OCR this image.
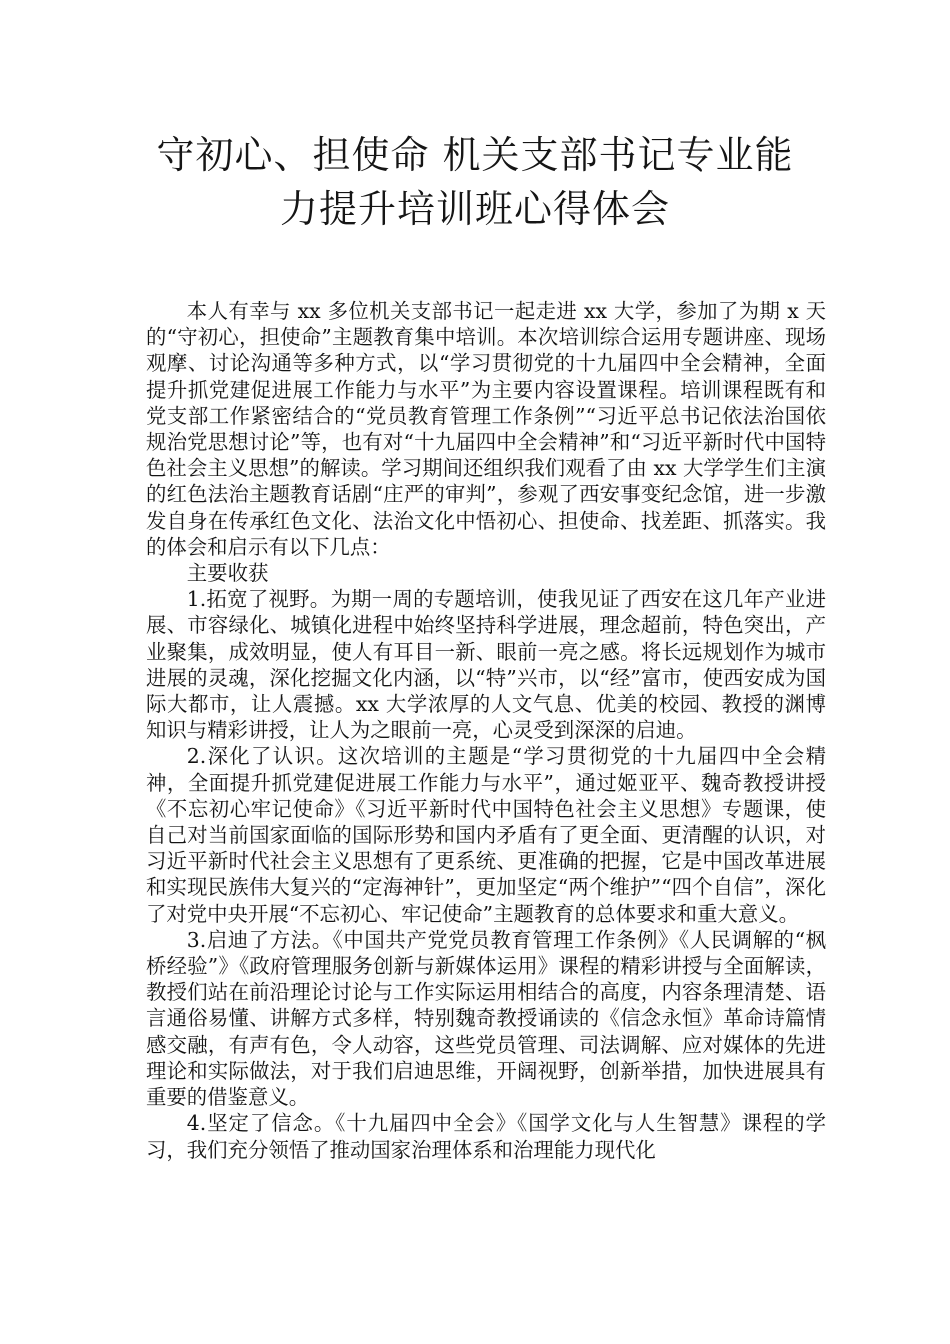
守初心、担使命 机关支部书记专业能
力提升培训班心得体会

本人有幸与 xx 多位机关支部书记一起走进 xx 大学，参加了为期 x 天的“守初心，担使命”主题教育集中培训。本次培训综合运用专题讲座、现场观摩、讨论沟通等多种方式，以“学习贯彻党的十九届四中全会精神，全面提升抓党建促进展工作能力与水平”为主要内容设置课程。培训课程既有和党支部工作紧密结合的“党员教育管理工作条例”“习近平总书记依法治国依规治党思想讨论”等，也有对“十九届四中全会精神”和“习近平新时代中国特色社会主义思想”的解读。学习期间还组织我们观看了由 xx 大学学生们主演的红色法治主题教育话剧“庄严的审判”，参观了西安事变纪念馆，进一步激发自身在传承红色文化、法治文化中悟初心、担使命、找差距、抓落实。我的体会和启示有以下几点：

主要收获

1.拓宽了视野。为期一周的专题培训，使我见证了西安在这几年产业进展、市容绿化、城镇化进程中始终坚持科学进展，理念超前，特色突出，产业聚集，成效明显，使人有耳目一新、眼前一亮之感。将长远规划作为城市进展的灵魂，深化挖掘文化内涵，以“特”兴市，以“经”富市，使西安成为国际大都市，让人震撼。xx 大学浓厚的人文气息、优美的校园、教授的渊博知识与精彩讲授，让人为之眼前一亮，心灵受到深深的启迪。

2.深化了认识。这次培训的主题是“学习贯彻党的十九届四中全会精神，全面提升抓党建促进展工作能力与水平”，通过姬亚平、魏奇教授讲授《不忘初心牢记使命》《习近平新时代中国特色社会主义思想》专题课，使自己对当前国家面临的国际形势和国内矛盾有了更全面、更清醒的认识，对习近平新时代社会主义思想有了更系统、更准确的把握，它是中国改革进展和实现民族伟大复兴的“定海神针”，更加坚定“两个维护”“四个自信”，深化了对党中央开展“不忘初心、牢记使命”主题教育的总体要求和重大意义。

3.启迪了方法。《中国共产党党员教育管理工作条例》《人民调解的“枫桥经验”》《政府管理服务创新与新媒体运用》课程的精彩讲授与全面解读，教授们站在前沿理论讨论与工作实际运用相结合的高度，内容条理清楚、语言通俗易懂、讲解方式多样，特别魏奇教授诵读的《信念永恒》革命诗篇情感交融，有声有色，令人动容，这些党员管理、司法调解、应对媒体的先进理论和实际做法，对于我们启迪思维，开阔视野，创新举措，加快进展具有重要的借鉴意义。

4.坚定了信念。《十九届四中全会》《国学文化与人生智慧》课程的学习，我们充分领悟了推动国家治理体系和治理能力现代化
